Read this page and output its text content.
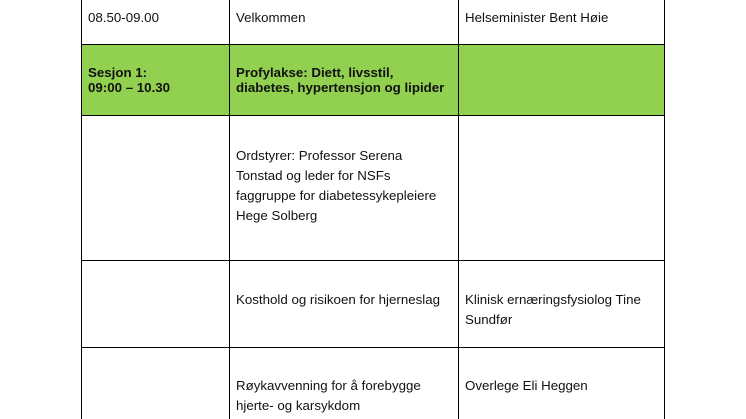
08.50-09.00	Velkommen	Helseminister Bent Høie

Sesjon 1:
09:00 – 10.30	Profylakse: Diett, livsstil, diabetes, hypertensjon og lipider	

	Ordstyrer: Professor Serena Tonstad og leder for NSFs faggruppe for diabetessykepleiere Hege Solberg	

	Kosthold og risikoen for hjerneslag	Klinisk ernæringsfysiolog Tine Sundfør

	Røykavvenning for å forebygge hjerte- og karsykdom	Overlege Eli Heggen
